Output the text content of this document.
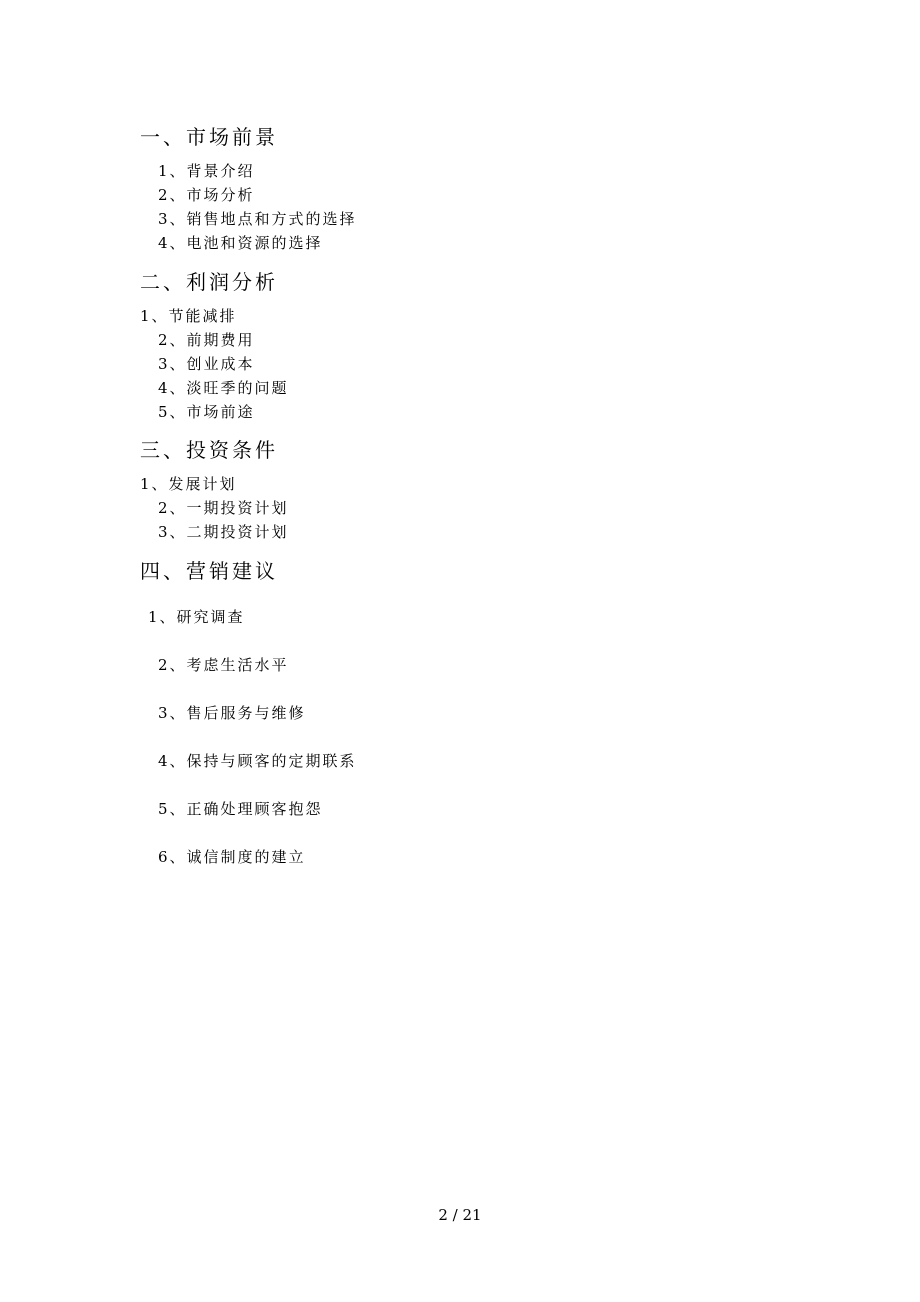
一、市场前景
1、背景介绍
2、市场分析
3、销售地点和方式的选择
4、电池和资源的选择
二、利润分析
1、节能减排
2、前期费用
3、创业成本
4、淡旺季的问题
5、市场前途
三、投资条件
1、发展计划
2、一期投资计划
3、二期投资计划
四、营销建议
1、研究调查
2、考虑生活水平
3、售后服务与维修
4、保持与顾客的定期联系
5、正确处理顾客抱怨
6、诚信制度的建立
2 / 21
